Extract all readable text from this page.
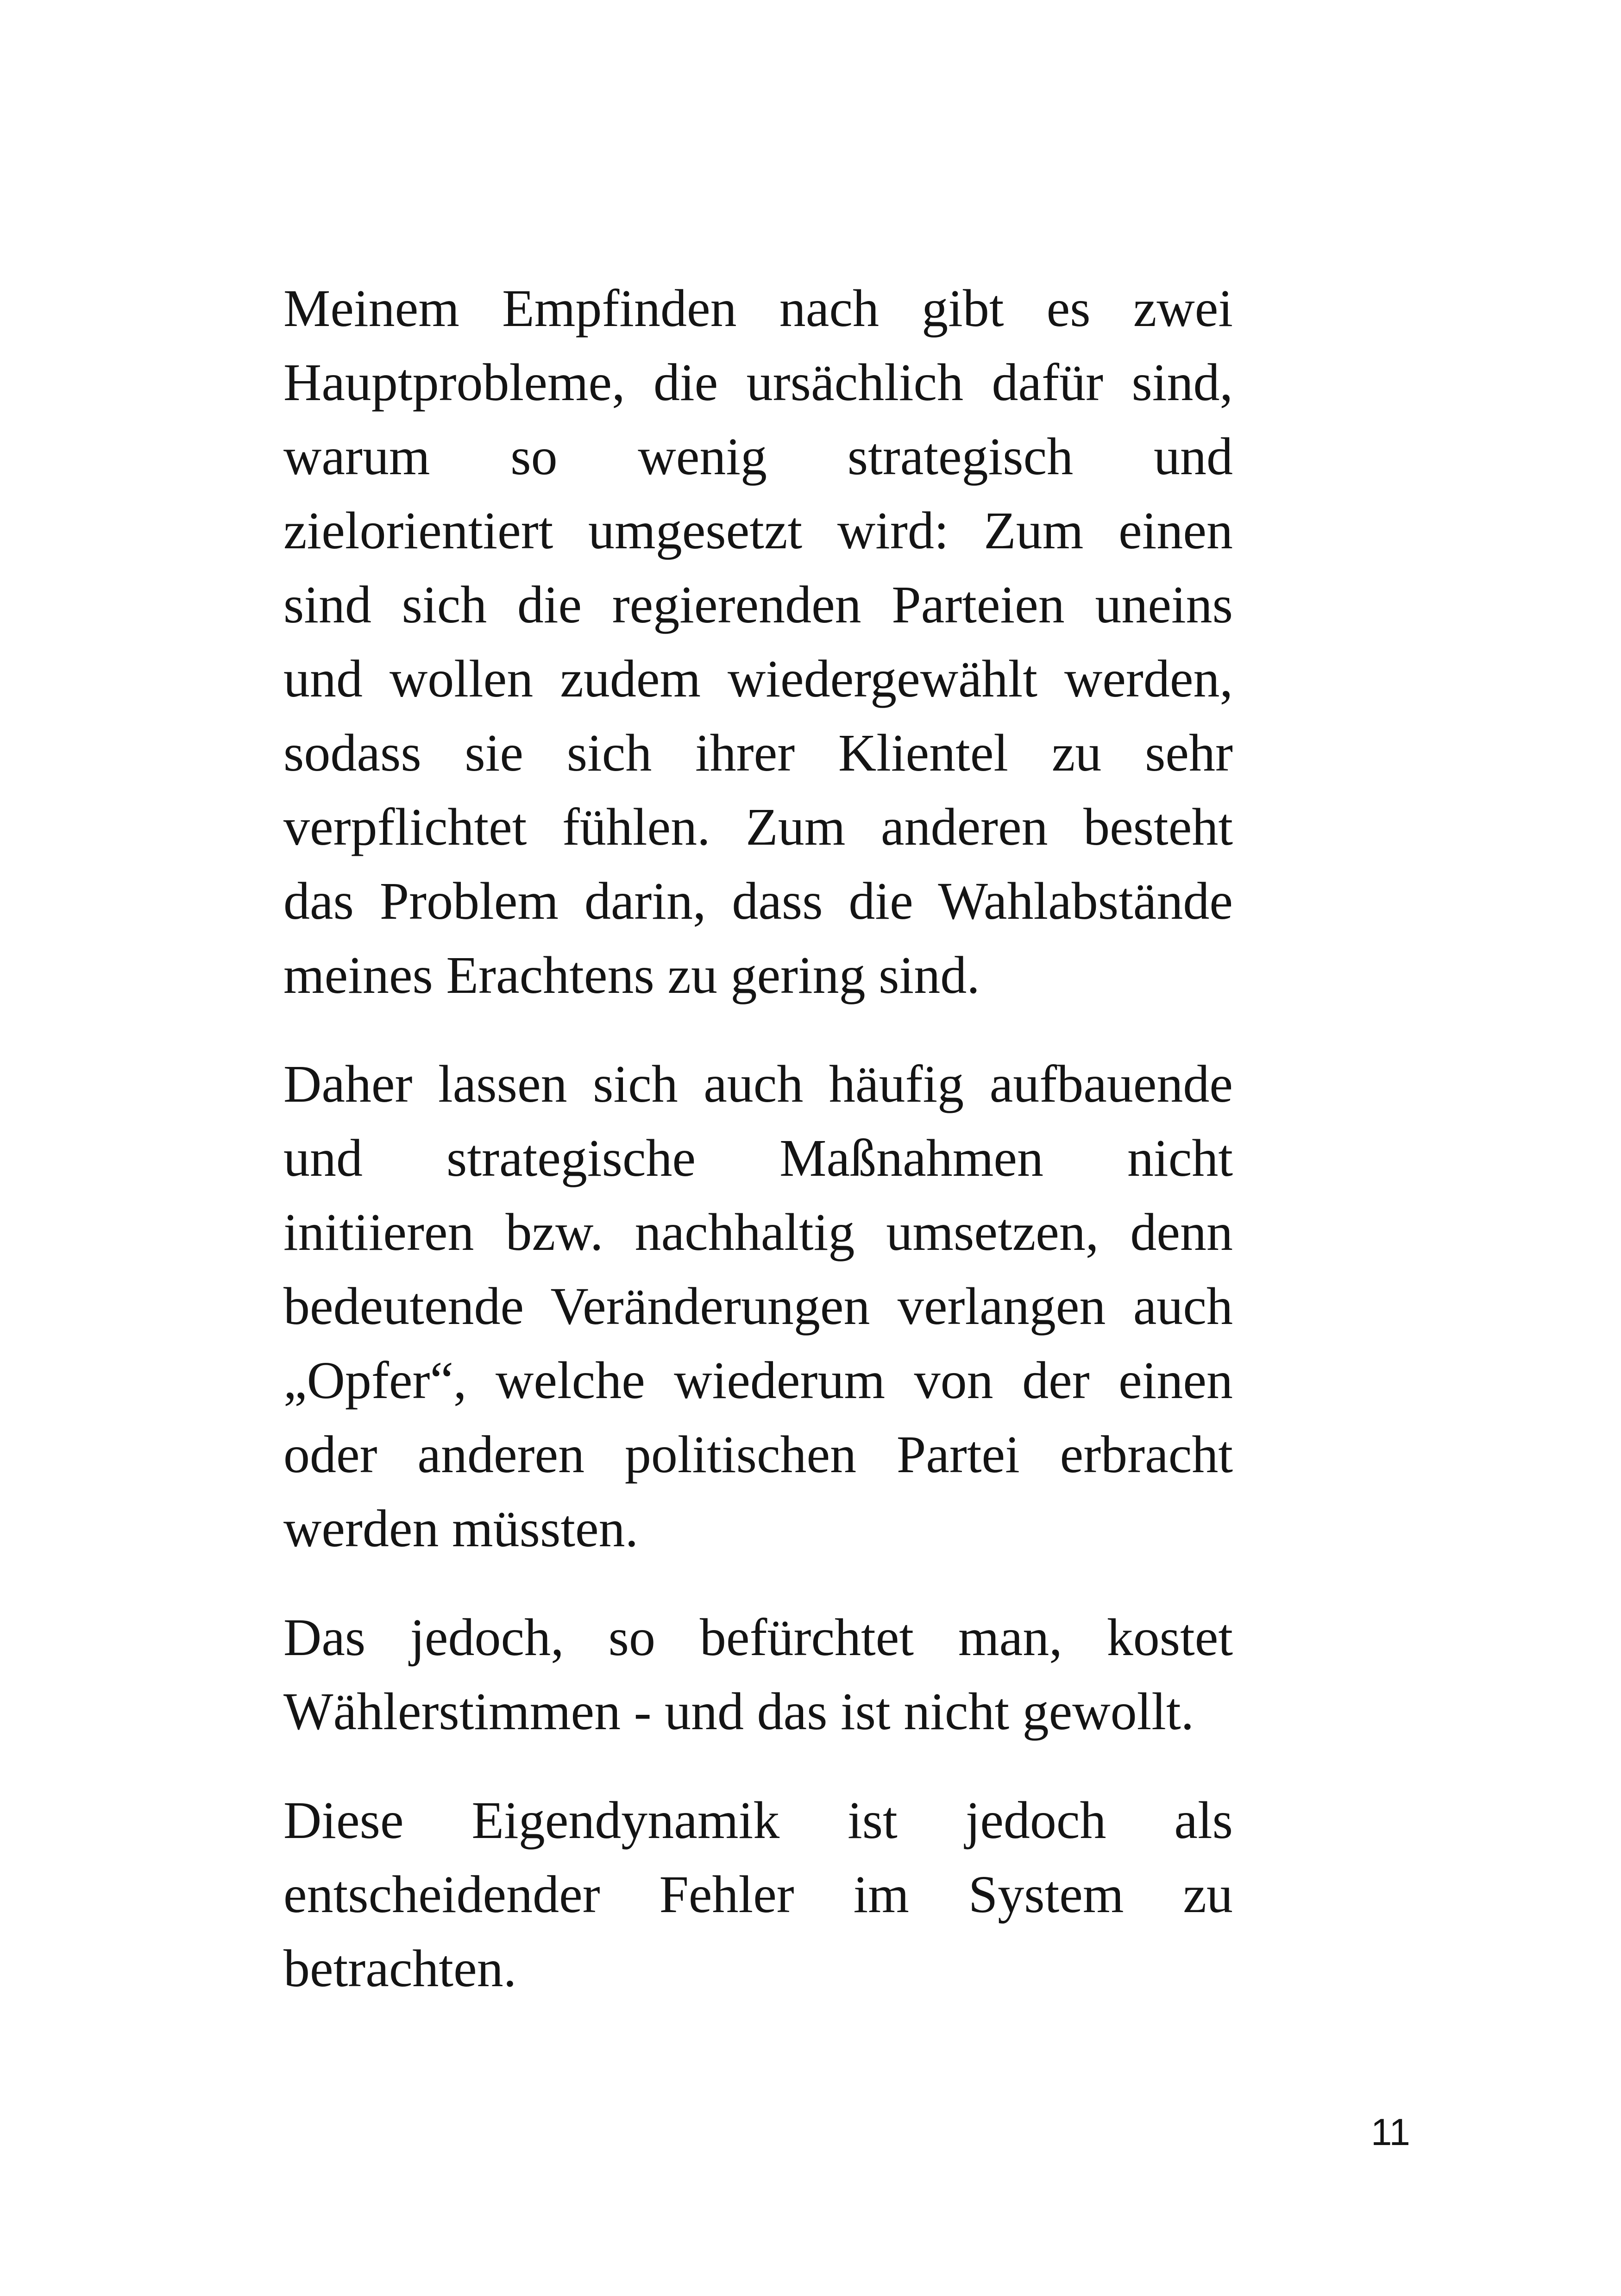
Meinem Empfinden nach gibt es zwei
Hauptprobleme, die ursächlich dafür sind,
warum so wenig strategisch und
zielorientiert umgesetzt wird: Zum einen
sind sich die regierenden Parteien uneins
und wollen zudem wiedergewählt werden,
sodass sie sich ihrer Klientel zu sehr
verpflichtet fühlen. Zum anderen besteht
das Problem darin, dass die Wahlabstände
meines Erachtens zu gering sind.
Daher lassen sich auch häufig aufbauende
und strategische Maßnahmen nicht
initiieren bzw. nachhaltig umsetzen, denn
bedeutende Veränderungen verlangen auch
„Opfer“, welche wiederum von der einen
oder anderen politischen Partei erbracht
werden müssten.
Das jedoch, so befürchtet man, kostet
Wählerstimmen - und das ist nicht gewollt.
Diese Eigendynamik ist jedoch als
entscheidender Fehler im System zu
betrachten.
11
